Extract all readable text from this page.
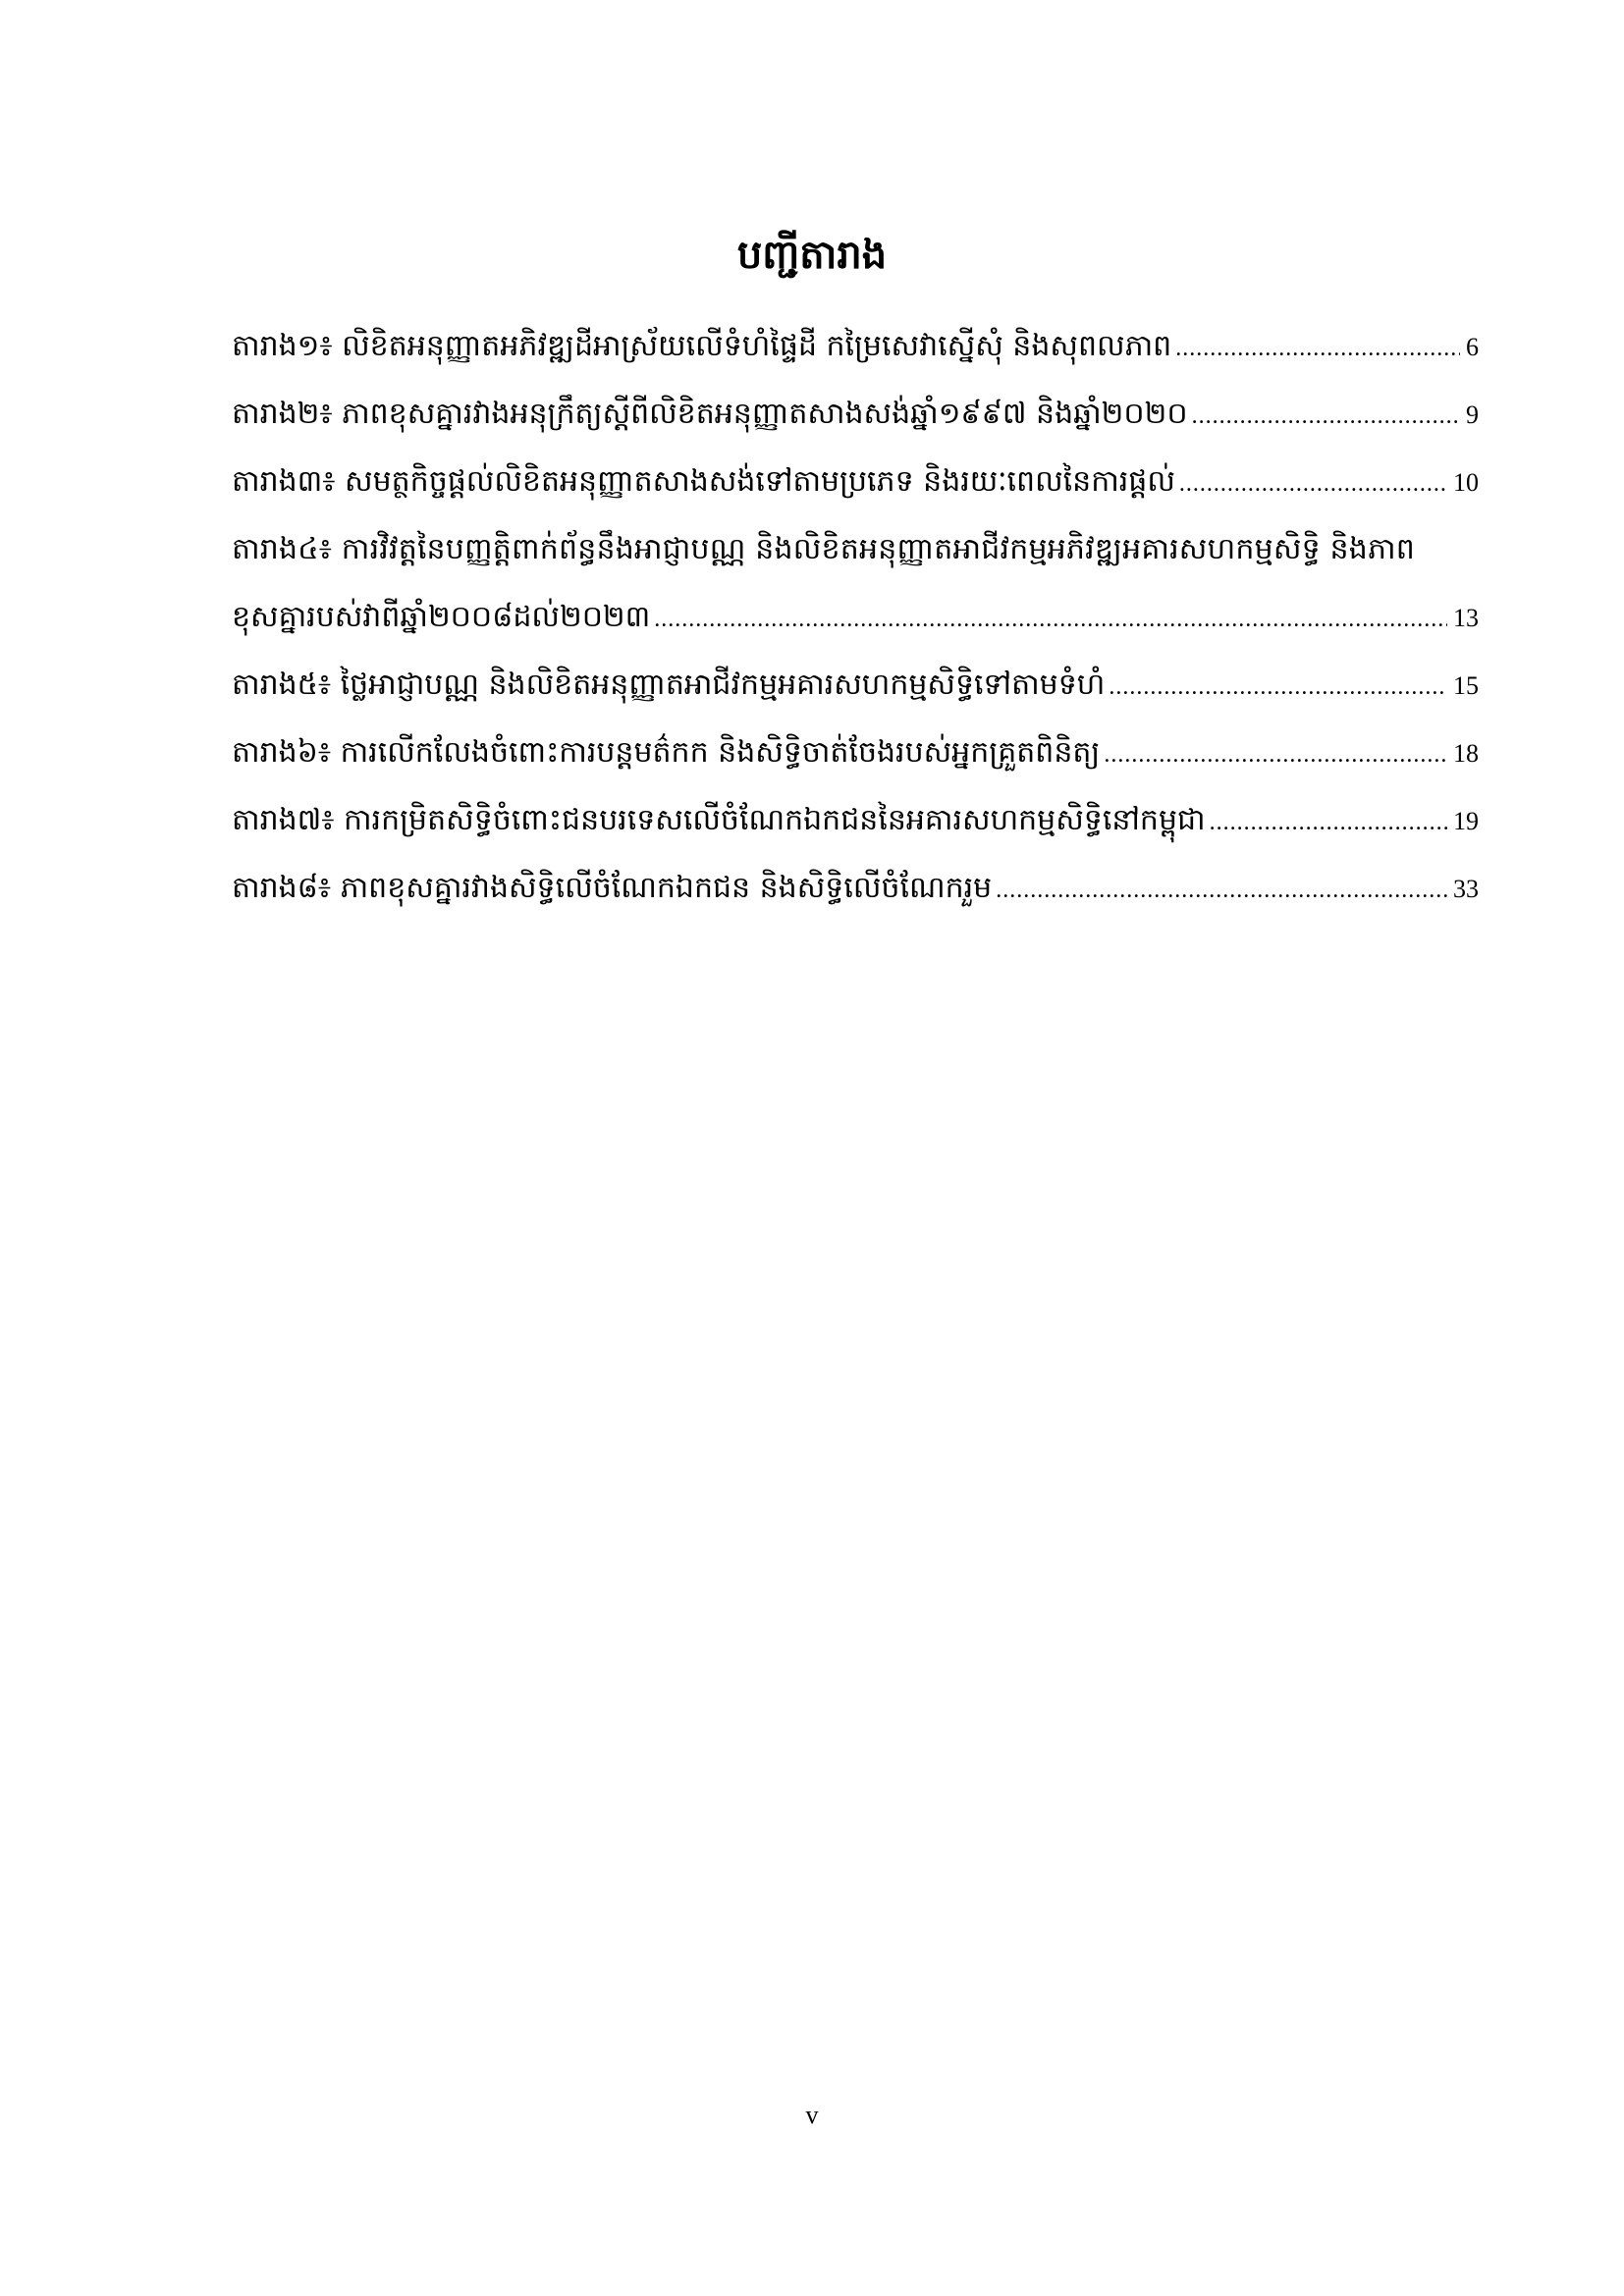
បញ្ជីតារាង
តារាង១៖ លិខិតអនុញ្ញាតអភិវឌ្ឍដីអាស្រ័យលើទំហំផ្ទៃដី កម្រៃសេវាស្នើសុំ និងសុពលភាព .....	6
តារាង២៖ ភាពខុសគ្នារវាងអនុក្រឹត្យស្តីពីលិខិតអនុញ្ញាតសាងសង់ឆ្នាំ១៩៩៧ និងឆ្នាំ២០២០ .....	9
តារាង៣៖ សមត្ថកិច្ចផ្តល់លិខិតអនុញ្ញាតសាងសង់ទៅតាមប្រភេទ និងរយៈពេលនៃការផ្តល់ .....	10
តារាង៤៖ ការវិវត្តនៃបញ្ញត្តិពាក់ព័ន្ធនឹងអាជ្ញាបណ្ណ និងលិខិតអនុញ្ញាតអាជីវកម្មអភិវឌ្ឍអគារសហកម្មសិទ្ធិ និងភាព
ខុសគ្នារបស់វាពីឆ្នាំ២០០៨ដល់២០២៣ .....	13
តារាង៥៖ ថ្លៃអាជ្ញាបណ្ណ និងលិខិតអនុញ្ញាតអាជីវកម្មអគារសហកម្មសិទ្ធិទៅតាមទំហំ .....	15
តារាង៦៖ ការលើកលែងចំពោះការបន្តមត៌កក និងសិទ្ធិចាត់ចែងរបស់អ្នកគ្រួតពិនិត្យ .....	18
តារាង៧៖ ការកម្រិតសិទ្ធិចំពោះជនបរទេសលើចំណែកឯកជននៃអគារសហកម្មសិទ្ធិនៅកម្ពុជា .....	19
តារាង៨៖ ភាពខុសគ្នារវាងសិទ្ធិលើចំណែកឯកជន និងសិទ្ធិលើចំណែករួម .....	33
v
